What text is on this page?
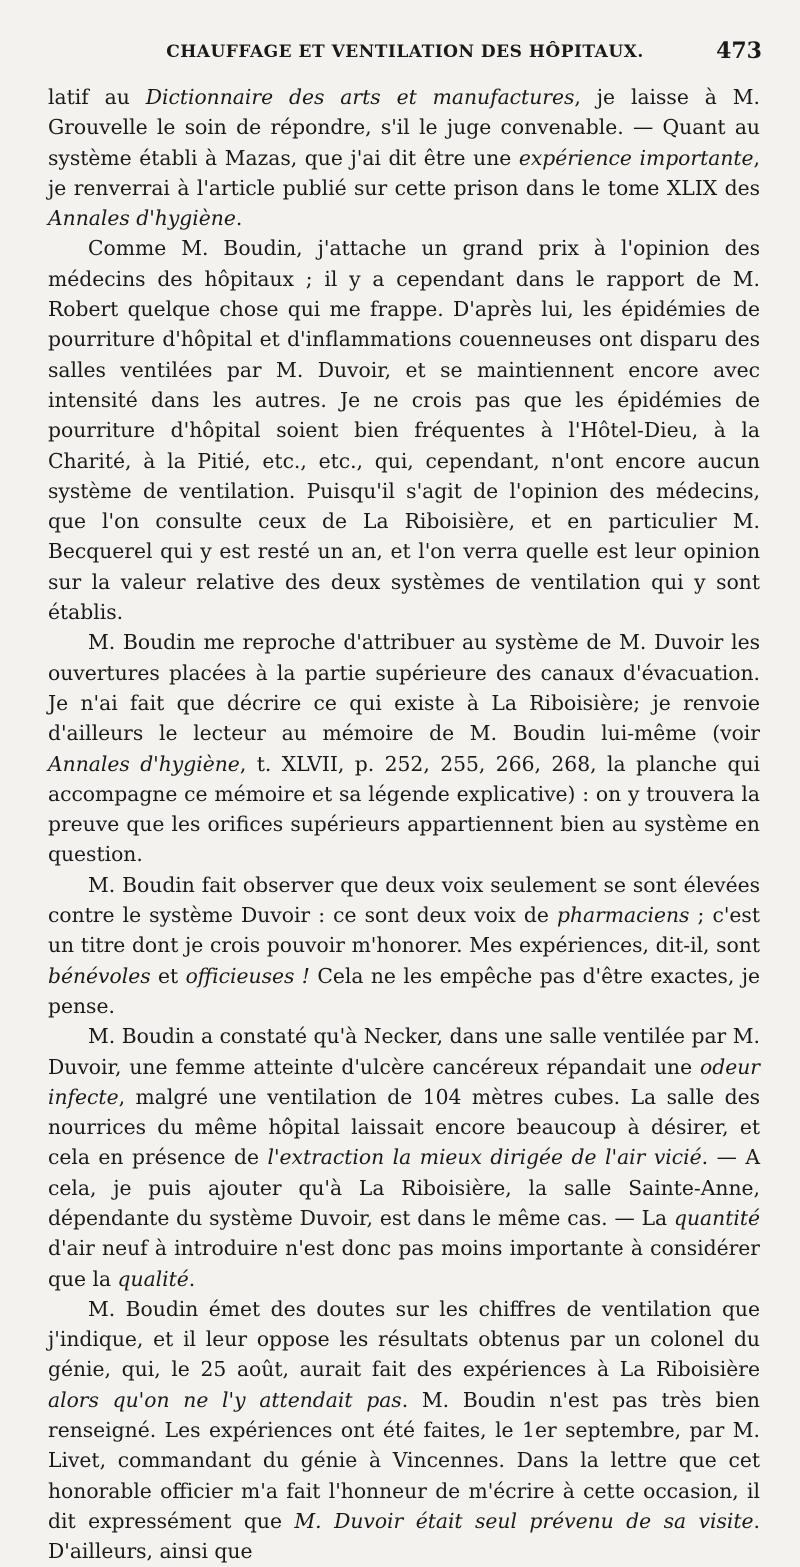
CHAUFFAGE ET VENTILATION DES HÔPITAUX.	473

latif au Dictionnaire des arts et manufactures, je laisse à M. Grouvelle le soin de répondre, s'il le juge convenable. — Quant au système établi à Mazas, que j'ai dit être une expérience importante, je renverrai à l'article publié sur cette prison dans le tome XLIX des Annales d'hygiène.

Comme M. Boudin, j'attache un grand prix à l'opinion des médecins des hôpitaux ; il y a cependant dans le rapport de M. Robert quelque chose qui me frappe. D'après lui, les épidémies de pourriture d'hôpital et d'inflammations couenneuses ont disparu des salles ventilées par M. Duvoir, et se maintiennent encore avec intensité dans les autres. Je ne crois pas que les épidémies de pourriture d'hôpital soient bien fréquentes à l'Hôtel-Dieu, à la Charité, à la Pitié, etc., etc., qui, cependant, n'ont encore aucun système de ventilation. Puisqu'il s'agit de l'opinion des médecins, que l'on consulte ceux de La Riboisière, et en particulier M. Becquerel qui y est resté un an, et l'on verra quelle est leur opinion sur la valeur relative des deux systèmes de ventilation qui y sont établis.

M. Boudin me reproche d'attribuer au système de M. Duvoir les ouvertures placées à la partie supérieure des canaux d'évacuation. Je n'ai fait que décrire ce qui existe à La Riboisière; je renvoie d'ailleurs le lecteur au mémoire de M. Boudin lui-même (voir Annales d'hygiène, t. XLVII, p. 252, 255, 266, 268, la planche qui accompagne ce mémoire et sa légende explicative) : on y trouvera la preuve que les orifices supérieurs appartiennent bien au système en question.

M. Boudin fait observer que deux voix seulement se sont élevées contre le système Duvoir : ce sont deux voix de pharmaciens ; c'est un titre dont je crois pouvoir m'honorer. Mes expériences, dit-il, sont bénévoles et officieuses ! Cela ne les empêche pas d'être exactes, je pense.

M. Boudin a constaté qu'à Necker, dans une salle ventilée par M. Duvoir, une femme atteinte d'ulcère cancéreux répandait une odeur infecte, malgré une ventilation de 104 mètres cubes. La salle des nourrices du même hôpital laissait encore beaucoup à désirer, et cela en présence de l'extraction la mieux dirigée de l'air vicié. — A cela, je puis ajouter qu'à La Riboisière, la salle Sainte-Anne, dépendante du système Duvoir, est dans le même cas. — La quantité d'air neuf à introduire n'est donc pas moins importante à considérer que la qualité.

M. Boudin émet des doutes sur les chiffres de ventilation que j'indique, et il leur oppose les résultats obtenus par un colonel du génie, qui, le 25 août, aurait fait des expériences à La Riboisière alors qu'on ne l'y attendait pas. M. Boudin n'est pas très bien renseigné. Les expériences ont été faites, le 1er septembre, par M. Livet, commandant du génie à Vincennes. Dans la lettre que cet honorable officier m'a fait l'honneur de m'écrire à cette occasion, il dit expressément que M. Duvoir était seul prévenu de sa visite. D'ailleurs, ainsi que
